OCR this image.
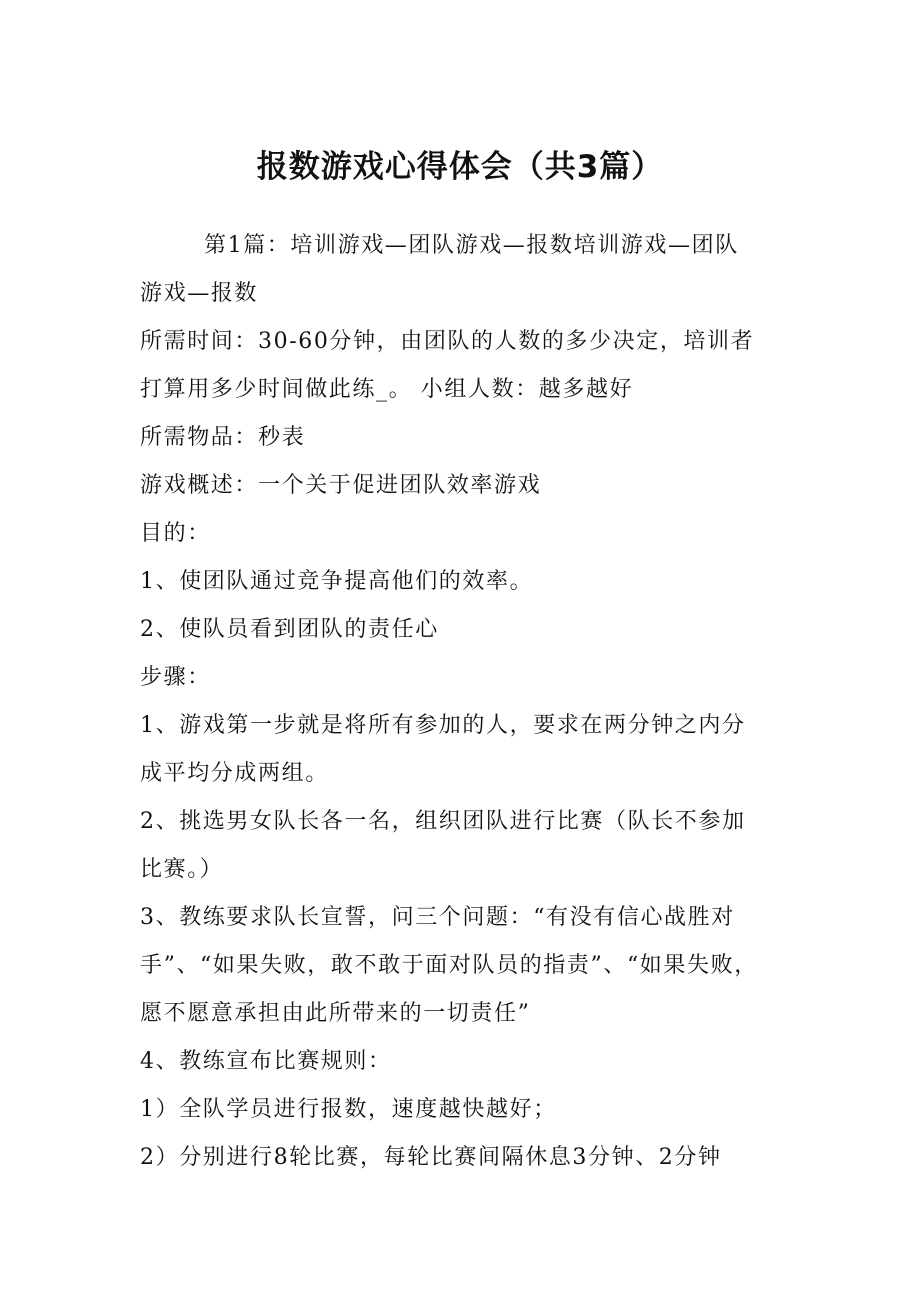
报数游戏心得体会（共3篇）
第1篇：培训游戏—团队游戏—报数培训游戏—团队
游戏—报数
所需时间：30-60分钟，由团队的人数的多少决定，培训者
打算用多少时间做此练_。 小组人数：越多越好
所需物品：秒表
游戏概述：一个关于促进团队效率游戏
目的：
1、使团队通过竞争提高他们的效率。
2、使队员看到团队的责任心
步骤：
1、游戏第一步就是将所有参加的人，要求在两分钟之内分
成平均分成两组。
2、挑选男女队长各一名，组织团队进行比赛（队长不参加
比赛。）
3、教练要求队长宣誓，问三个问题：“有没有信心战胜对
手”、“如果失败，敢不敢于面对队员的指责”、“如果失败，
愿不愿意承担由此所带来的一切责任”
4、教练宣布比赛规则：
1）全队学员进行报数，速度越快越好；
2）分别进行8轮比赛，每轮比赛间隔休息3分钟、2分钟
